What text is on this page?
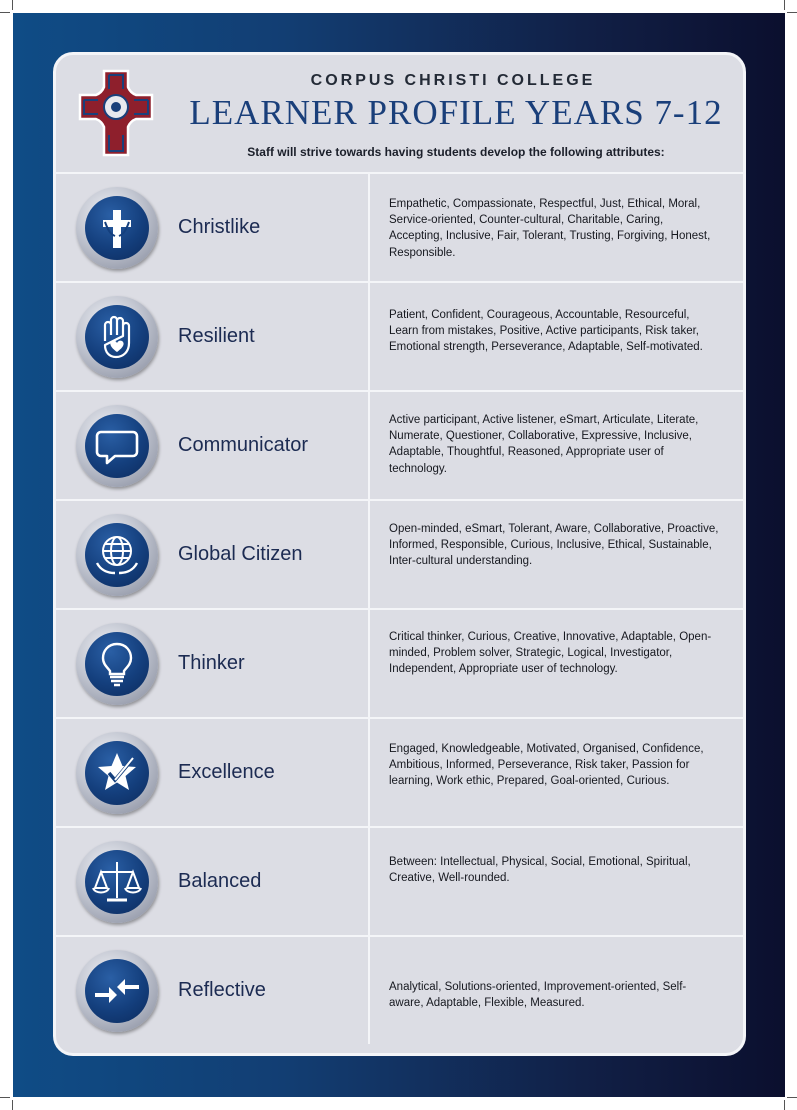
CORPUS CHRISTI COLLEGE
LEARNER PROFILE YEARS 7-12
Staff will strive towards having students develop the following attributes:
Christlike
Empathetic, Compassionate, Respectful, Just, Ethical, Moral, Service-oriented, Counter-cultural, Charitable, Caring, Accepting, Inclusive, Fair, Tolerant, Trusting, Forgiving, Honest, Responsible.
Resilient
Patient, Confident, Courageous, Accountable, Resourceful, Learn from mistakes, Positive, Active participants, Risk taker, Emotional strength, Perseverance, Adaptable, Self-motivated.
Communicator
Active participant, Active listener, eSmart, Articulate, Literate, Numerate, Questioner, Collaborative, Expressive, Inclusive, Adaptable, Thoughtful, Reasoned, Appropriate user of technology.
Global Citizen
Open-minded, eSmart, Tolerant, Aware, Collaborative, Proactive, Informed, Responsible, Curious, Inclusive, Ethical, Sustainable, Inter-cultural understanding.
Thinker
Critical thinker, Curious, Creative, Innovative, Adaptable, Open-minded, Problem solver, Strategic, Logical, Investigator, Independent, Appropriate user of technology.
Excellence
Engaged, Knowledgeable, Motivated, Organised, Confidence, Ambitious, Informed, Perseverance, Risk taker, Passion for learning, Work ethic, Prepared, Goal-oriented, Curious.
Balanced
Between: Intellectual, Physical, Social, Emotional, Spiritual, Creative, Well-rounded.
Reflective	Analytical, Solutions-oriented, Improvement-oriented, Self-aware, Adaptable, Flexible, Measured.
